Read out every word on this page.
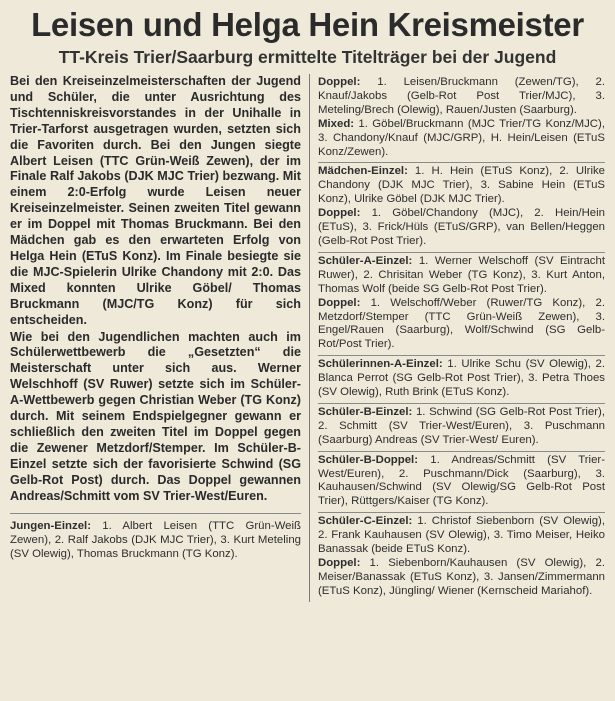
Leisen und Helga Hein Kreismeister
TT-Kreis Trier/Saarburg ermittelte Titelträger bei der Jugend

Bei den Kreiseinzelmeisterschaften der Jugend und Schüler, die unter Ausrichtung des Tischtenniskreisvorstandes in der Unihalle in Trier-Tarforst ausgetragen wurden, setzten sich die Favoriten durch. Bei den Jungen siegte Albert Leisen (TTC Grün-Weiß Zewen), der im Finale Ralf Jakobs (DJK MJC Trier) bezwang. Mit einem 2:0-Erfolg wurde Leisen neuer Kreiseinzelmeister. Seinen zweiten Titel gewann er im Doppel mit Thomas Bruckmann. Bei den Mädchen gab es den erwarteten Erfolg von Helga Hein (ETuS Konz). Im Finale besiegte sie die MJC-Spielerin Ulrike Chandony mit 2:0. Das Mixed konnten Ulrike Göbel/ Thomas Bruckmann (MJC/TG Konz) für sich entscheiden.

Wie bei den Jugendlichen machten auch im Schülerwettbewerb die „Gesetzten“ die Meisterschaft unter sich aus. Werner Welschhoff (SV Ruwer) setzte sich im Schüler-A-Wettbewerb gegen Christian Weber (TG Konz) durch. Mit seinem Endspielgegner gewann er schließlich den zweiten Titel im Doppel gegen die Zewener Metzdorf/Stemper. Im Schüler-B-Einzel setzte sich der favorisierte Schwind (SG Gelb-Rot Post) durch. Das Doppel gewannen Andreas/Schmitt vom SV Trier-West/Euren.

Jungen-Einzel: 1. Albert Leisen (TTC Grün-Weiß Zewen), 2. Ralf Jakobs (DJK MJC Trier), 3. Kurt Meteling (SV Olewig), Thomas Bruckmann (TG Konz).

Doppel: 1. Leisen/Bruckmann (Zewen/TG), 2. Knauf/Jakobs (Gelb-Rot Post Trier/MJC), 3. Meteling/Brech (Olewig), Rauen/Justen (Saarburg).

Mixed: 1. Göbel/Bruckmann (MJC Trier/TG Konz/MJC), 3. Chandony/Knauf (MJC/GRP), H. Hein/Leisen (ETuS Konz/Zewen).

Mädchen-Einzel: 1. H. Hein (ETuS Konz), 2. Ulrike Chandony (DJK MJC Trier), 3. Sabine Hein (ETuS Konz), Ulrike Göbel (DJK MJC Trier).

Doppel: 1. Göbel/Chandony (MJC), 2. Hein/Hein (ETuS), 3. Frick/Hüls (ETuS/GRP), van Bellen/Heggen (Gelb-Rot Post Trier).

Schüler-A-Einzel: 1. Werner Welschoff (SV Eintracht Ruwer), 2. Chrisitan Weber (TG Konz), 3. Kurt Anton, Thomas Wolf (beide SG Gelb-Rot Post Trier).

Doppel: 1. Welschoff/Weber (Ruwer/TG Konz), 2. Metzdorf/Stemper (TTC Grün-Weiß Zewen), 3. Engel/Rauen (Saarburg), Wolf/Schwind (SG Gelb-Rot/Post Trier).

Schülerinnen-A-Einzel: 1. Ulrike Schu (SV Olewig), 2. Blanca Perrot (SG Gelb-Rot Post Trier), 3. Petra Thoes (SV Olewig), Ruth Brink (ETuS Konz).

Schüler-B-Einzel: 1. Schwind (SG Gelb-Rot Post Trier), 2. Schmitt (SV Trier-West/Euren), 3. Puschmann (Saarburg) Andreas (SV Trier-West/ Euren).

Schüler-B-Doppel: 1. Andreas/Schmitt (SV Trier-West/Euren), 2. Puschmann/Dick (Saarburg), 3. Kauhausen/Schwind (SV Olewig/SG Gelb-Rot Post Trier), Rüttgers/Kaiser (TG Konz).

Schüler-C-Einzel: 1. Christof Siebenborn (SV Olewig), 2. Frank Kauhausen (SV Olewig), 3. Timo Meiser, Heiko Banassak (beide ETuS Konz).

Doppel: 1. Siebenborn/Kauhausen (SV Olewig), 2. Meiser/Banassak (ETuS Konz), 3. Jansen/Zimmermann (ETuS Konz), Jüngling/ Wiener (Kernscheid Mariahof).
